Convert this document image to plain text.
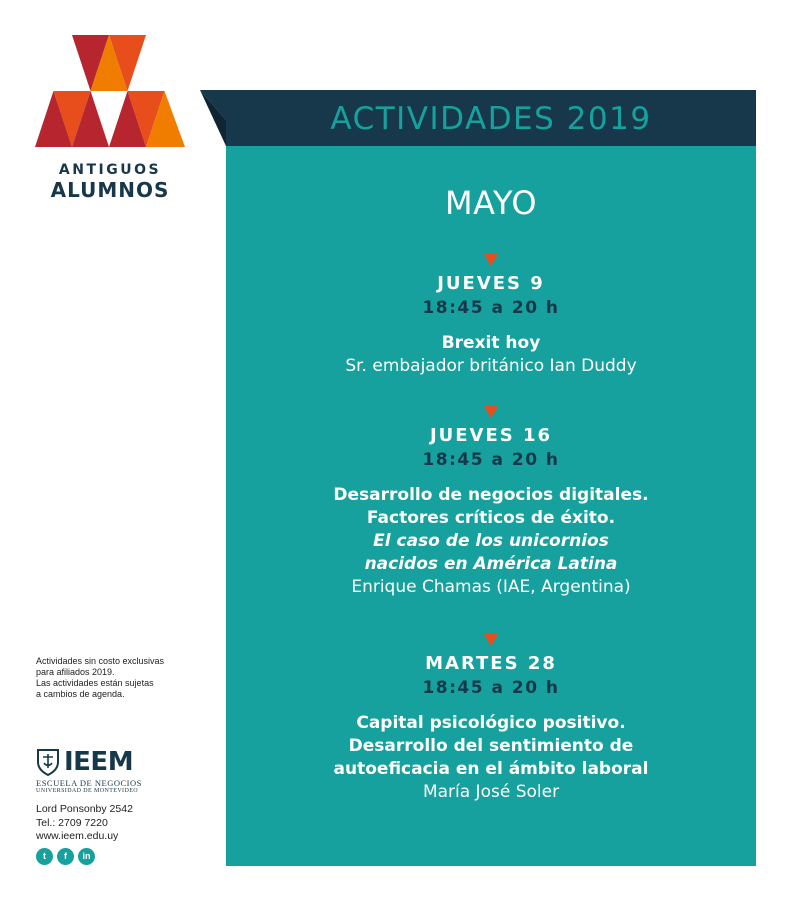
ANTIGUOS
ALUMNOS
ACTIVIDADES 2019
MAYO
JUEVES 9
18:45 a 20 h
Brexit hoy
Sr. embajador británico Ian Duddy
JUEVES 16
18:45 a 20 h
Desarrollo de negocios digitales.
Factores críticos de éxito.
El caso de los unicornios
nacidos en América Latina
Enrique Chamas (IAE, Argentina)
MARTES 28
18:45 a 20 h
Capital psicológico positivo.
Desarrollo del sentimiento de
autoeficacia en el ámbito laboral
María José Soler
Actividades sin costo exclusivas
para afiliados 2019.
Las actividades están sujetas
a cambios de agenda.
IEEM
ESCUELA DE NEGOCIOS
UNIVERSIDAD DE MONTEVIDEO
Lord Ponsonby 2542
Tel.: 2709 7220
www.ieem.edu.uy
t	f	in
